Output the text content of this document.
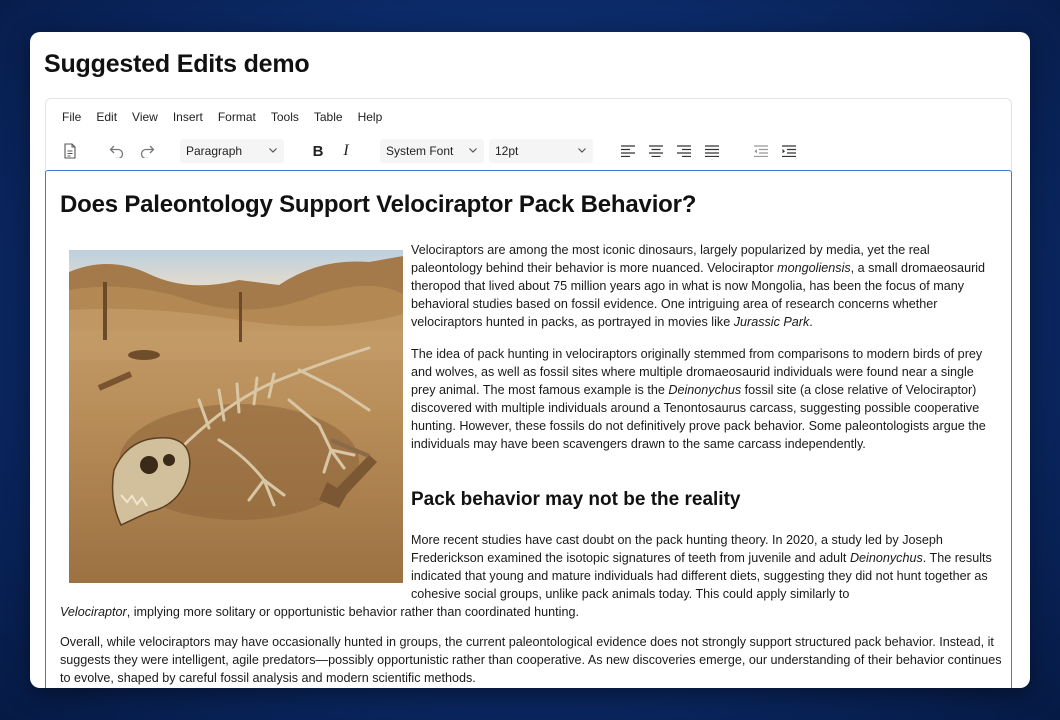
Suggested Edits demo
File	Edit	View	Insert	Format	Tools	Table	Help
Paragraph	B	I	System Font	12pt
Does Paleontology Support Velociraptor Pack Behavior?

Velociraptors are among the most iconic dinosaurs, largely popularized by media, yet the real paleontology behind their behavior is more nuanced. Velociraptor mongoliensis, a small dromaeosaurid theropod that lived about 75 million years ago in what is now Mongolia, has been the focus of many behavioral studies based on fossil evidence. One intriguing area of research concerns whether velociraptors hunted in packs, as portrayed in movies like Jurassic Park.

The idea of pack hunting in velociraptors originally stemmed from comparisons to modern birds of prey and wolves, as well as fossil sites where multiple dromaeosaurid individuals were found near a single prey animal. The most famous example is the Deinonychus fossil site (a close relative of Velociraptor) discovered with multiple individuals around a Tenontosaurus carcass, suggesting possible cooperative hunting. However, these fossils do not definitively prove pack behavior. Some paleontologists argue the individuals may have been scavengers drawn to the same carcass independently.

Pack behavior may not be the reality

More recent studies have cast doubt on the pack hunting theory. In 2020, a study led by Joseph Frederickson examined the isotopic signatures of teeth from juvenile and adult Deinonychus. The results indicated that young and mature individuals had different diets, suggesting they did not hunt together as cohesive social groups, unlike pack animals today. This could apply similarly to

Velociraptor, implying more solitary or opportunistic behavior rather than coordinated hunting.

Overall, while velociraptors may have occasionally hunted in groups, the current paleontological evidence does not strongly support structured pack behavior. Instead, it suggests they were intelligent, agile predators—possibly opportunistic rather than cooperative. As new discoveries emerge, our understanding of their behavior continues to evolve, shaped by careful fossil analysis and modern scientific methods.
